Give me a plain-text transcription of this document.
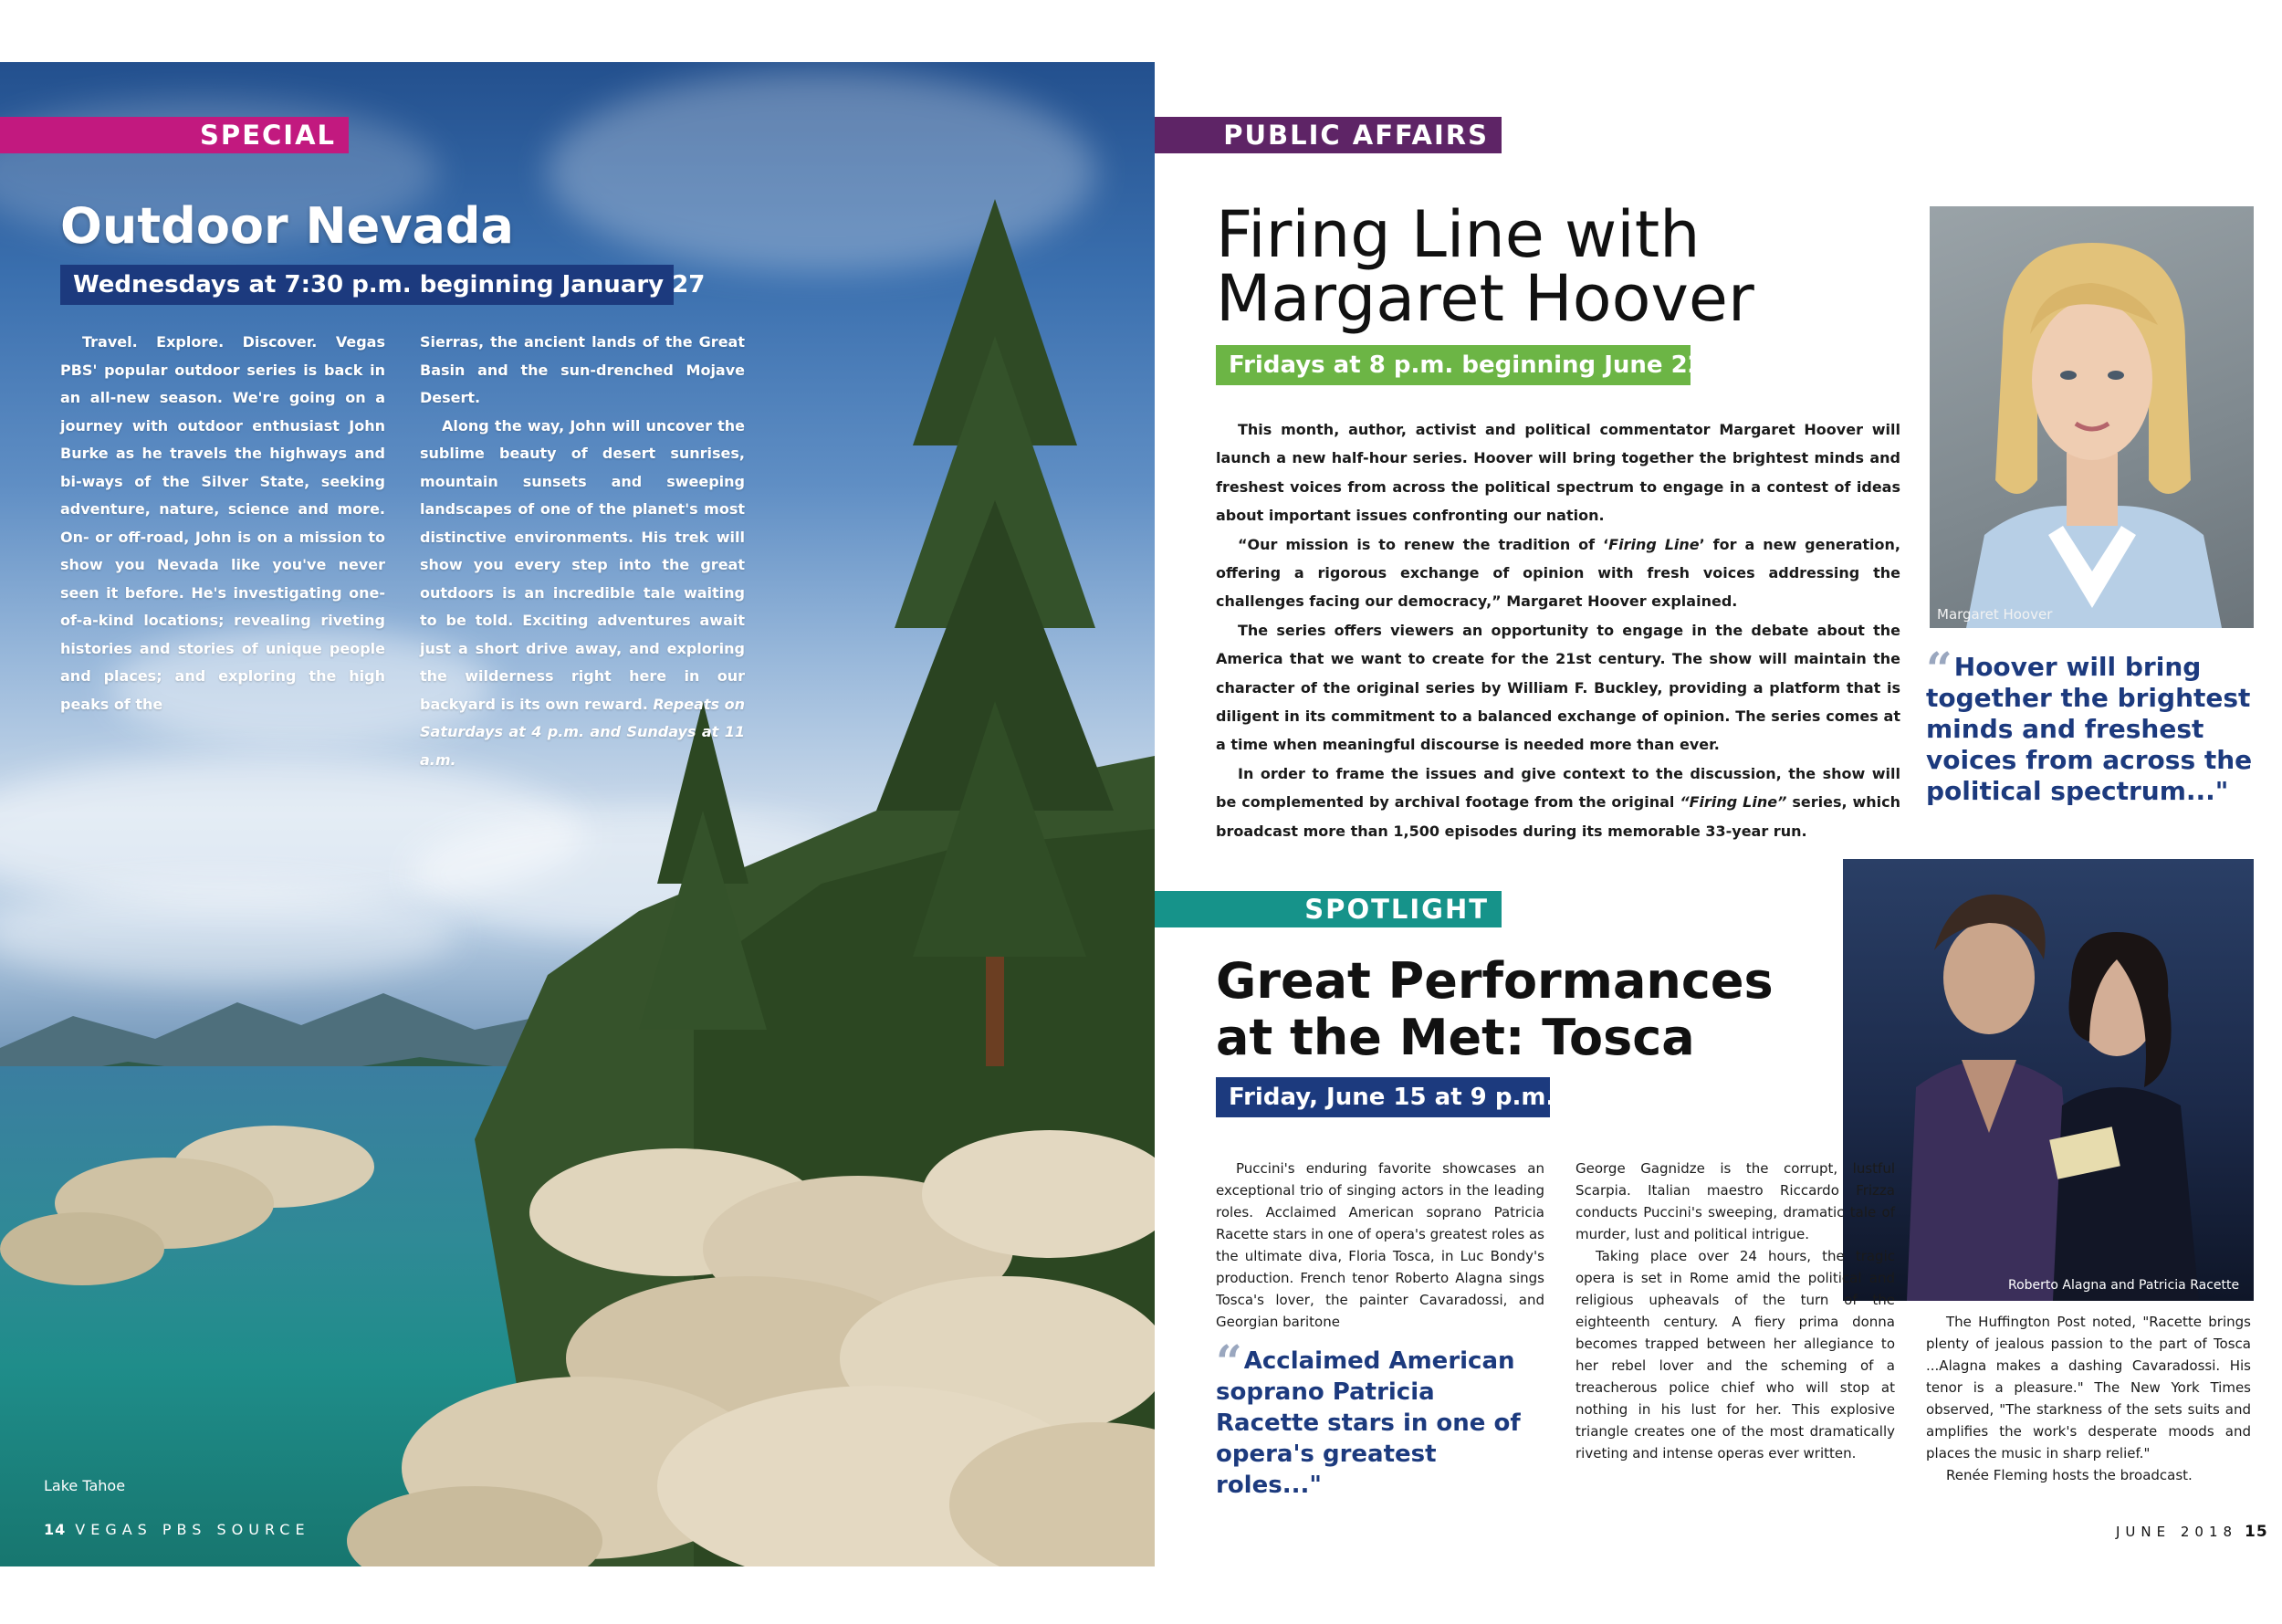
SPECIAL
Outdoor Nevada
Wednesdays at 7:30 p.m. beginning January 27

Travel. Explore. Discover. Vegas PBS' popular outdoor series is back in an all-new season. We're going on a journey with outdoor enthusiast John Burke as he travels the highways and bi-ways of the Silver State, seeking adventure, nature, science and more. On- or off-road, John is on a mission to show you Nevada like you've never seen it before. He's investigating one-of-a-kind locations; revealing riveting histories and stories of unique people and places; and exploring the high peaks of the

Sierras, the ancient lands of the Great Basin and the sun-drenched Mojave Desert.

Along the way, John will uncover the sublime beauty of desert sunrises, mountain sunsets and sweeping landscapes of one of the planet's most distinctive environments. His trek will show you every step into the great outdoors is an incredible tale waiting to be told. Exciting adventures await just a short drive away, and exploring the wilderness right here in our backyard is its own reward. Repeats on Saturdays at 4 p.m. and Sundays at 11 a.m.

Lake Tahoe
14 VEGAS PBS SOURCE
PUBLIC AFFAIRS
Firing Line with
Margaret Hoover
Fridays at 8 p.m. beginning June 22

This month, author, activist and political commentator Margaret Hoover will launch a new half-hour series. Hoover will bring together the brightest minds and freshest voices from across the political spectrum to engage in a contest of ideas about important issues confronting our nation.

“Our mission is to renew the tradition of ‘Firing Line’ for a new generation, offering a rigorous exchange of opinion with fresh voices addressing the challenges facing our democracy,” Margaret Hoover explained.

The series offers viewers an opportunity to engage in the debate about the America that we want to create for the 21st century. The show will maintain the character of the original series by William F. Buckley, providing a platform that is diligent in its commitment to a balanced exchange of opinion. The series comes at a time when meaningful discourse is needed more than ever.

In order to frame the issues and give context to the discussion, the show will be complemented by archival footage from the original “Firing Line” series, which broadcast more than 1,500 episodes during its memorable 33-year run.

Margaret Hoover
“Hoover will bring together the brightest minds and freshest voices from across the political spectrum..."
SPOTLIGHT
Great Performances
at the Met: Tosca
Friday, June 15 at 9 p.m.
Roberto Alagna and Patricia Racette

Puccini's enduring favorite showcases an exceptional trio of singing actors in the leading roles. Acclaimed American soprano Patricia Racette stars in one of opera's greatest roles as the ultimate diva, Floria Tosca, in Luc Bondy's production. French tenor Roberto Alagna sings Tosca's lover, the painter Cavaradossi, and Georgian baritone

“Acclaimed American soprano Patricia Racette stars in one of opera's greatest roles..."

George Gagnidze is the corrupt, lustful Scarpia. Italian maestro Riccardo Frizza conducts Puccini's sweeping, dramatic tale of murder, lust and political intrigue.

Taking place over 24 hours, the tragic opera is set in Rome amid the political and religious upheavals of the turn of the eighteenth century. A fiery prima donna becomes trapped between her allegiance to her rebel lover and the scheming of a treacherous police chief who will stop at nothing in his lust for her. This explosive triangle creates one of the most dramatically riveting and intense operas ever written.

The Huffington Post noted, "Racette brings plenty of jealous passion to the part of Tosca ...Alagna makes a dashing Cavaradossi. His tenor is a pleasure." The New York Times observed, "The starkness of the sets suits and amplifies the work's desperate moods and places the music in sharp relief."

Renée Fleming hosts the broadcast.

JUNE 2018 15
